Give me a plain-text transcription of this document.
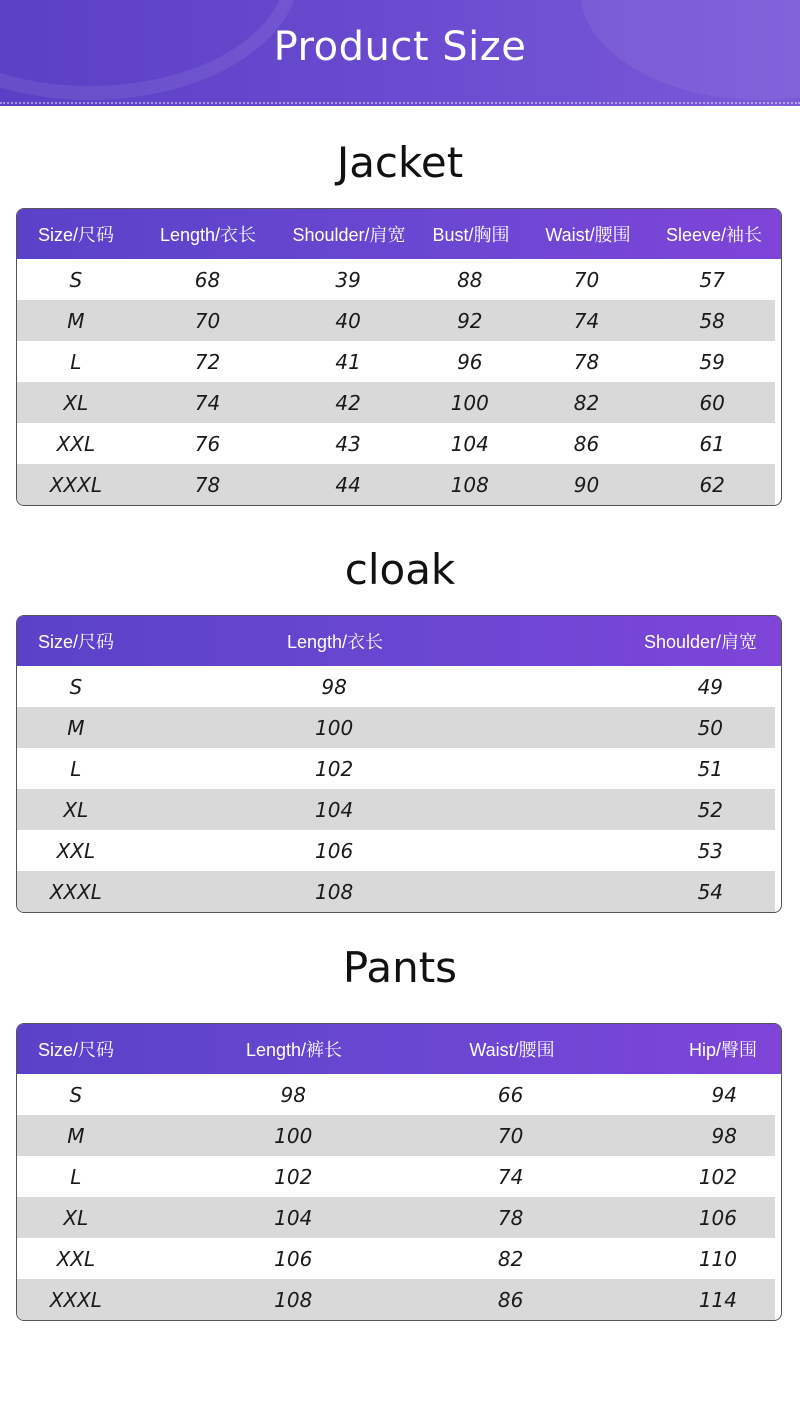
Product Size
Jacket
Size/尺码	Length/衣长	Shoulder/肩宽	Bust/胸围	Waist/腰围	Sleeve/袖长
S	68	39	88	70	57
M	70	40	92	74	58
L	72	41	96	78	59
XL	74	42	100	82	60
XXL	76	43	104	86	61
XXXL	78	44	108	90	62
cloak
Size/尺码	Length/衣长	Shoulder/肩宽
S	98	49
M	100	50
L	102	51
XL	104	52
XXL	106	53
XXXL	108	54
Pants
Size/尺码	Length/裤长	Waist/腰围	Hip/臀围
S	98	66	94
M	100	70	98
L	102	74	102
XL	104	78	106
XXL	106	82	110
XXXL	108	86	114
